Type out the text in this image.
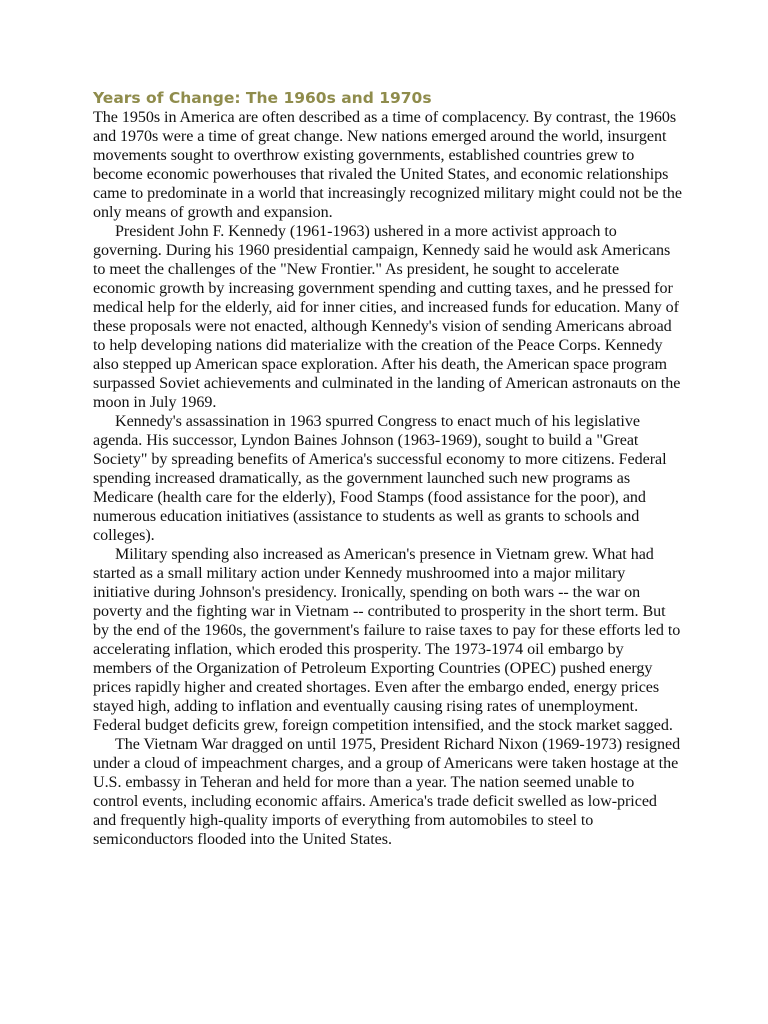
Years of Change: The 1960s and 1970s

The 1950s in America are often described as a time of complacency. By contrast, the 1960s and 1970s were a time of great change. New nations emerged around the world, insurgent movements sought to overthrow existing governments, established countries grew to become economic powerhouses that rivaled the United States, and economic relationships came to predominate in a world that increasingly recognized military might could not be the only means of growth and expansion.

President John F. Kennedy (1961-1963) ushered in a more activist approach to governing. During his 1960 presidential campaign, Kennedy said he would ask Americans to meet the challenges of the "New Frontier." As president, he sought to accelerate economic growth by increasing government spending and cutting taxes, and he pressed for medical help for the elderly, aid for inner cities, and increased funds for education. Many of these proposals were not enacted, although Kennedy's vision of sending Americans abroad to help developing nations did materialize with the creation of the Peace Corps. Kennedy also stepped up American space exploration. After his death, the American space program surpassed Soviet achievements and culminated in the landing of American astronauts on the moon in July 1969.

Kennedy's assassination in 1963 spurred Congress to enact much of his legislative agenda. His successor, Lyndon Baines Johnson (1963-1969), sought to build a "Great Society" by spreading benefits of America's successful economy to more citizens. Federal spending increased dramatically, as the government launched such new programs as Medicare (health care for the elderly), Food Stamps (food assistance for the poor), and numerous education initiatives (assistance to students as well as grants to schools and colleges).

Military spending also increased as American's presence in Vietnam grew. What had started as a small military action under Kennedy mushroomed into a major military initiative during Johnson's presidency. Ironically, spending on both wars -- the war on poverty and the fighting war in Vietnam -- contributed to prosperity in the short term. But by the end of the 1960s, the government's failure to raise taxes to pay for these efforts led to accelerating inflation, which eroded this prosperity. The 1973-1974 oil embargo by members of the Organization of Petroleum Exporting Countries (OPEC) pushed energy prices rapidly higher and created shortages. Even after the embargo ended, energy prices stayed high, adding to inflation and eventually causing rising rates of unemployment. Federal budget deficits grew, foreign competition intensified, and the stock market sagged.

The Vietnam War dragged on until 1975, President Richard Nixon (1969-1973) resigned under a cloud of impeachment charges, and a group of Americans were taken hostage at the U.S. embassy in Teheran and held for more than a year. The nation seemed unable to control events, including economic affairs. America's trade deficit swelled as low-priced and frequently high-quality imports of everything from automobiles to steel to semiconductors flooded into the United States.
